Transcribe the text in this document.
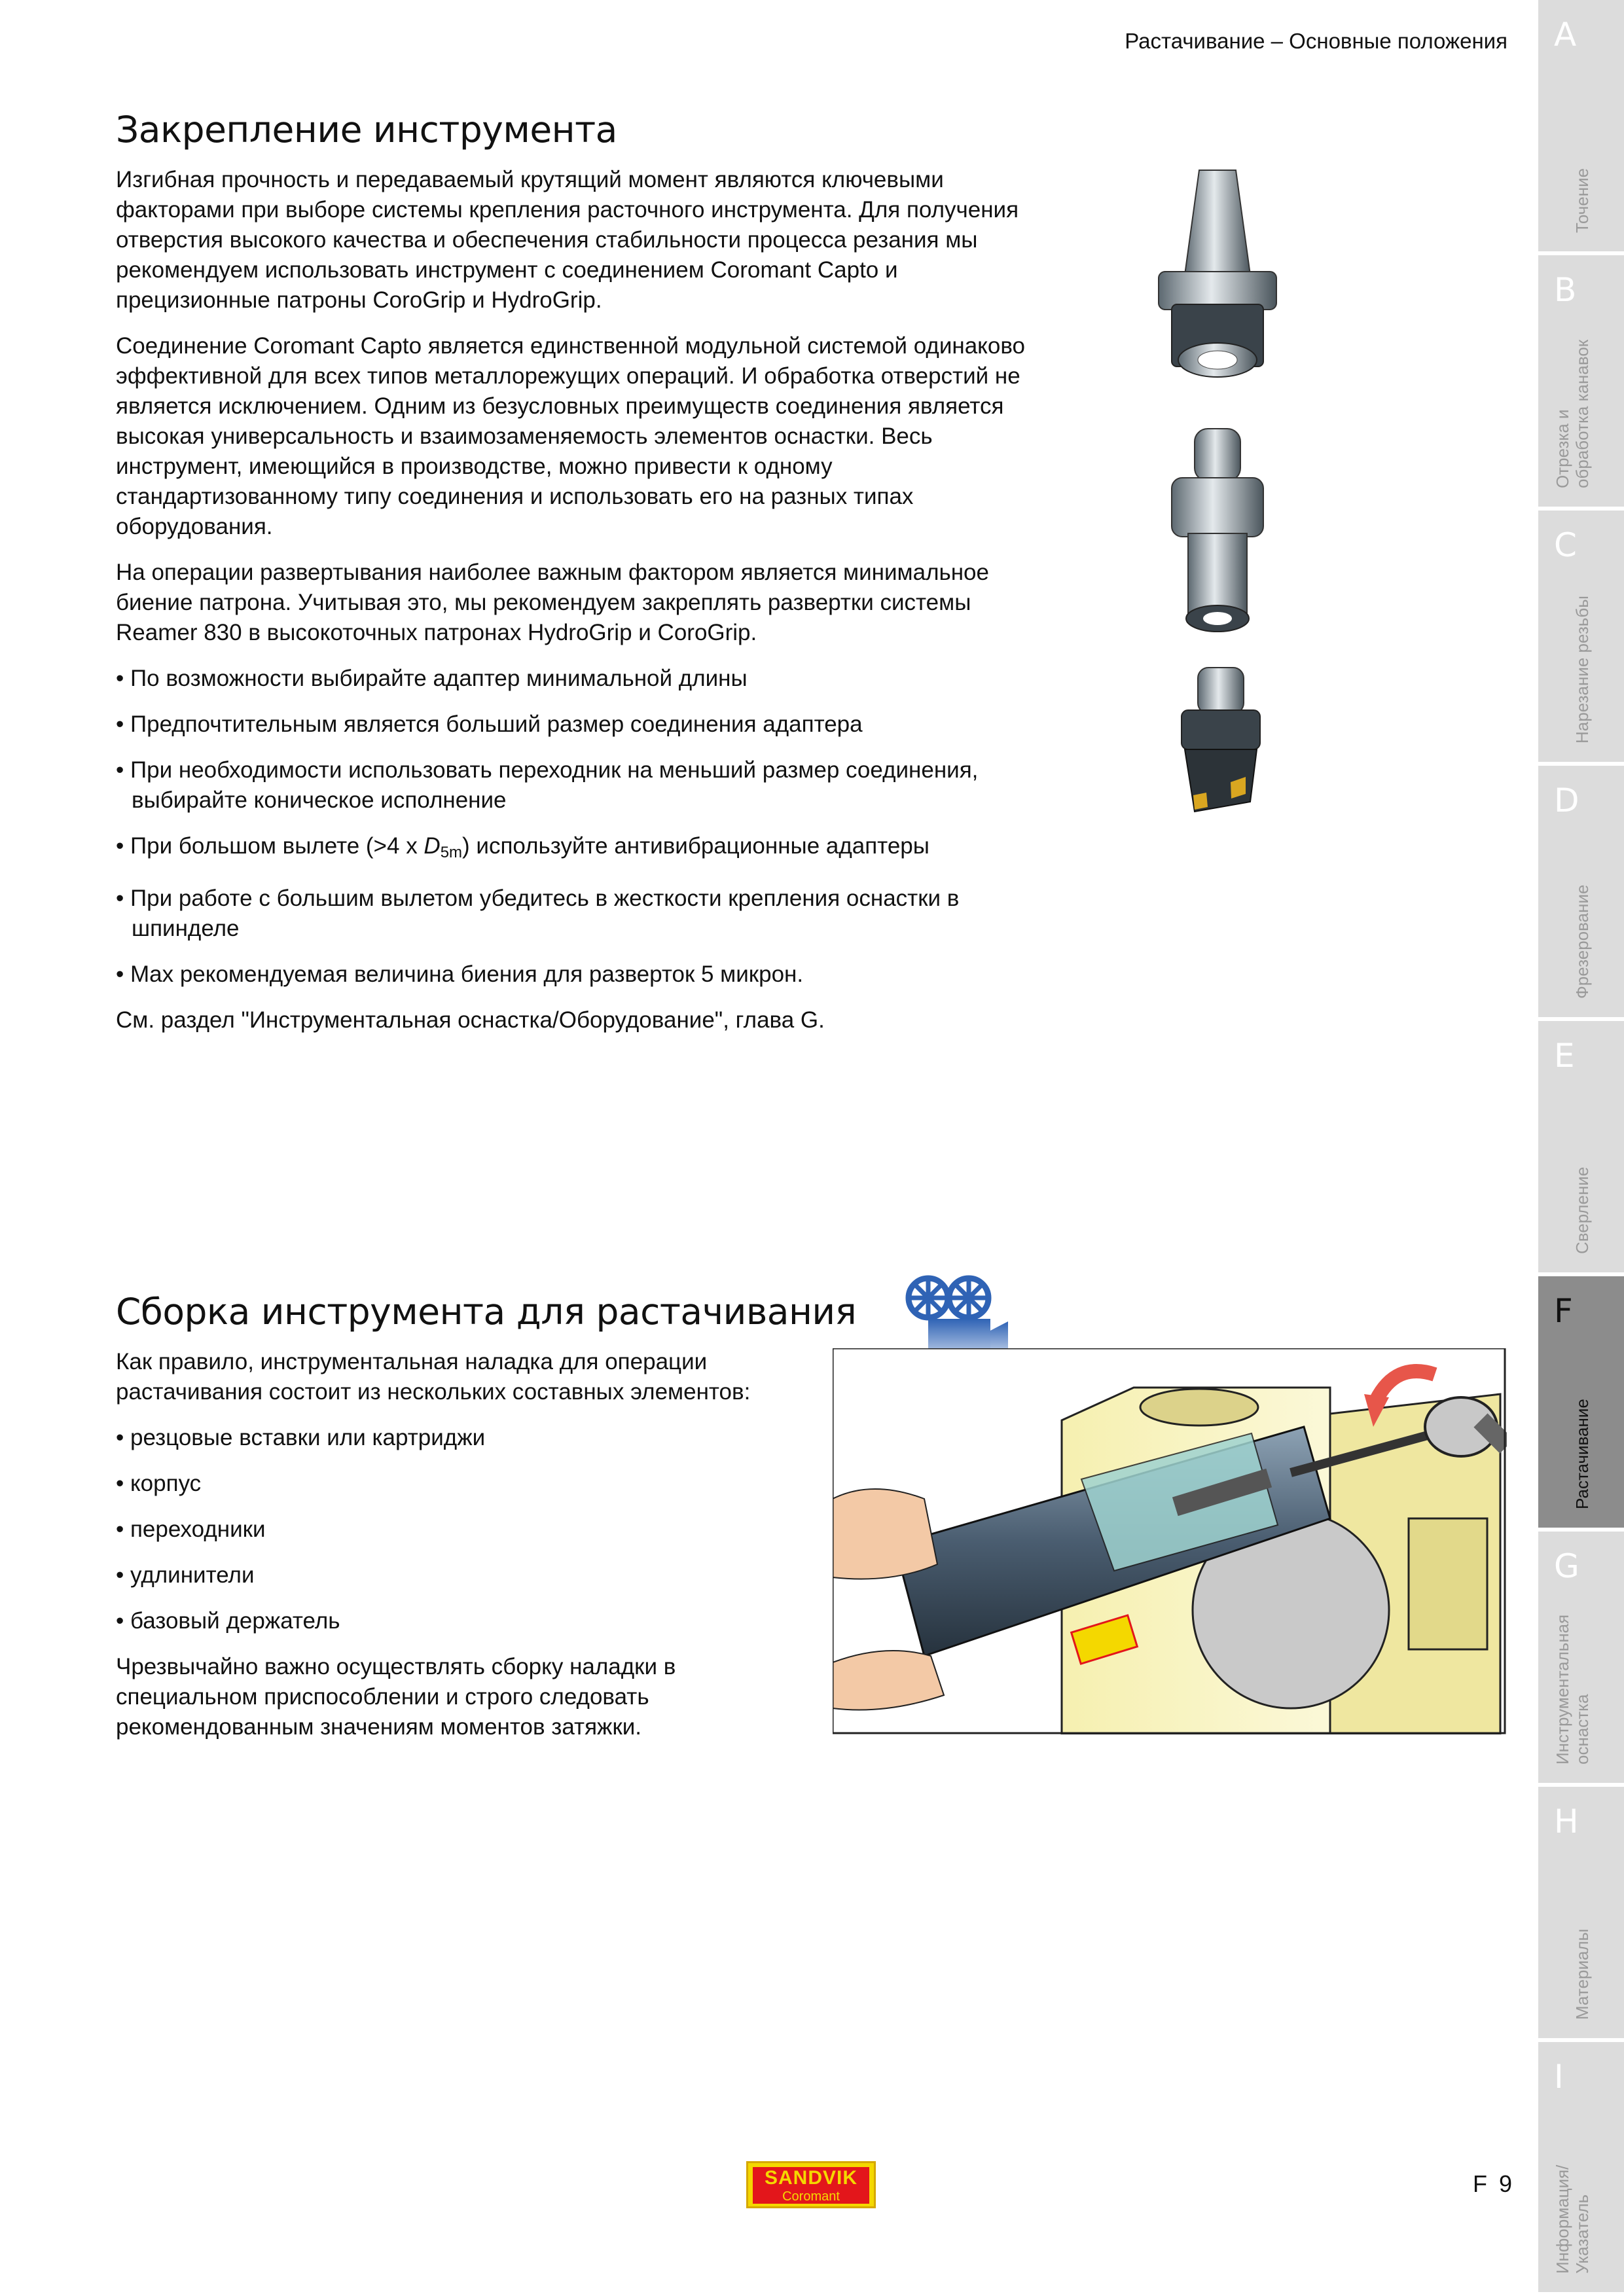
Растачивание – Основные положения
Закрепление инструмента

Изгибная прочность и передаваемый крутящий момент являются ключевыми факторами при выборе системы крепления расточного инструмента. Для получения отверстия высокого качества и обеспечения стабильности процесса резания мы рекомендуем использовать инструмент с соединением Coromant Capto и прецизионные патроны CoroGrip и HydroGrip.

Соединение Coromant Capto является единственной модульной системой одинаково эффективной для всех типов металлорежущих операций. И обработка отверстий не является исключением. Одним из безусловных преимуществ соединения является высокая универсальность и взаимозаменяемость элементов оснастки. Весь инструмент, имеющийся в производстве, можно привести к одному стандартизованному типу соединения и использовать его на разных типах оборудования.

На операции развертывания наиболее важным фактором является минимальное биение патрона. Учитывая это, мы рекомендуем закреплять развертки системы Reamer 830 в высокоточных патронах HydroGrip и CoroGrip.

• По возможности выбирайте адаптер минимальной длины

• Предпочтительным является больший размер соединения адаптера

• При необходимости использовать переходник на меньший размер соединения, выбирайте коническое исполнение

• При большом вылете (>4 x $D_{5m}$) используйте антивибрационные адаптеры

• При работе с большим вылетом убедитесь в жесткости крепления оснастки в шпинделе

• Max рекомендуемая величина биения для разверток 5 микрон.

См. раздел "Инструментальная оснастка/Оборудование", глава G.

Сборка инструмента для растачивания

Как правило, инструментальная наладка для операции растачивания состоит из нескольких составных элементов:

• резцовые вставки или картриджи

• корпус

• переходники

• удлинители

• базовый держатель

Чрезвычайно важно осуществлять сборку наладки в специальном приспособлении и строго следовать рекомендованным значениям моментов затяжки.

A
Точение
B
Отрезка и
обработка канавок
C
Нарезание резьбы
D
Фрезерование
E
Сверление
F
Растачивание
G
Инструментальная
оснастка
H
Материалы
I
Информация/
Указатель
SANDVIK
Coromant	F 9
